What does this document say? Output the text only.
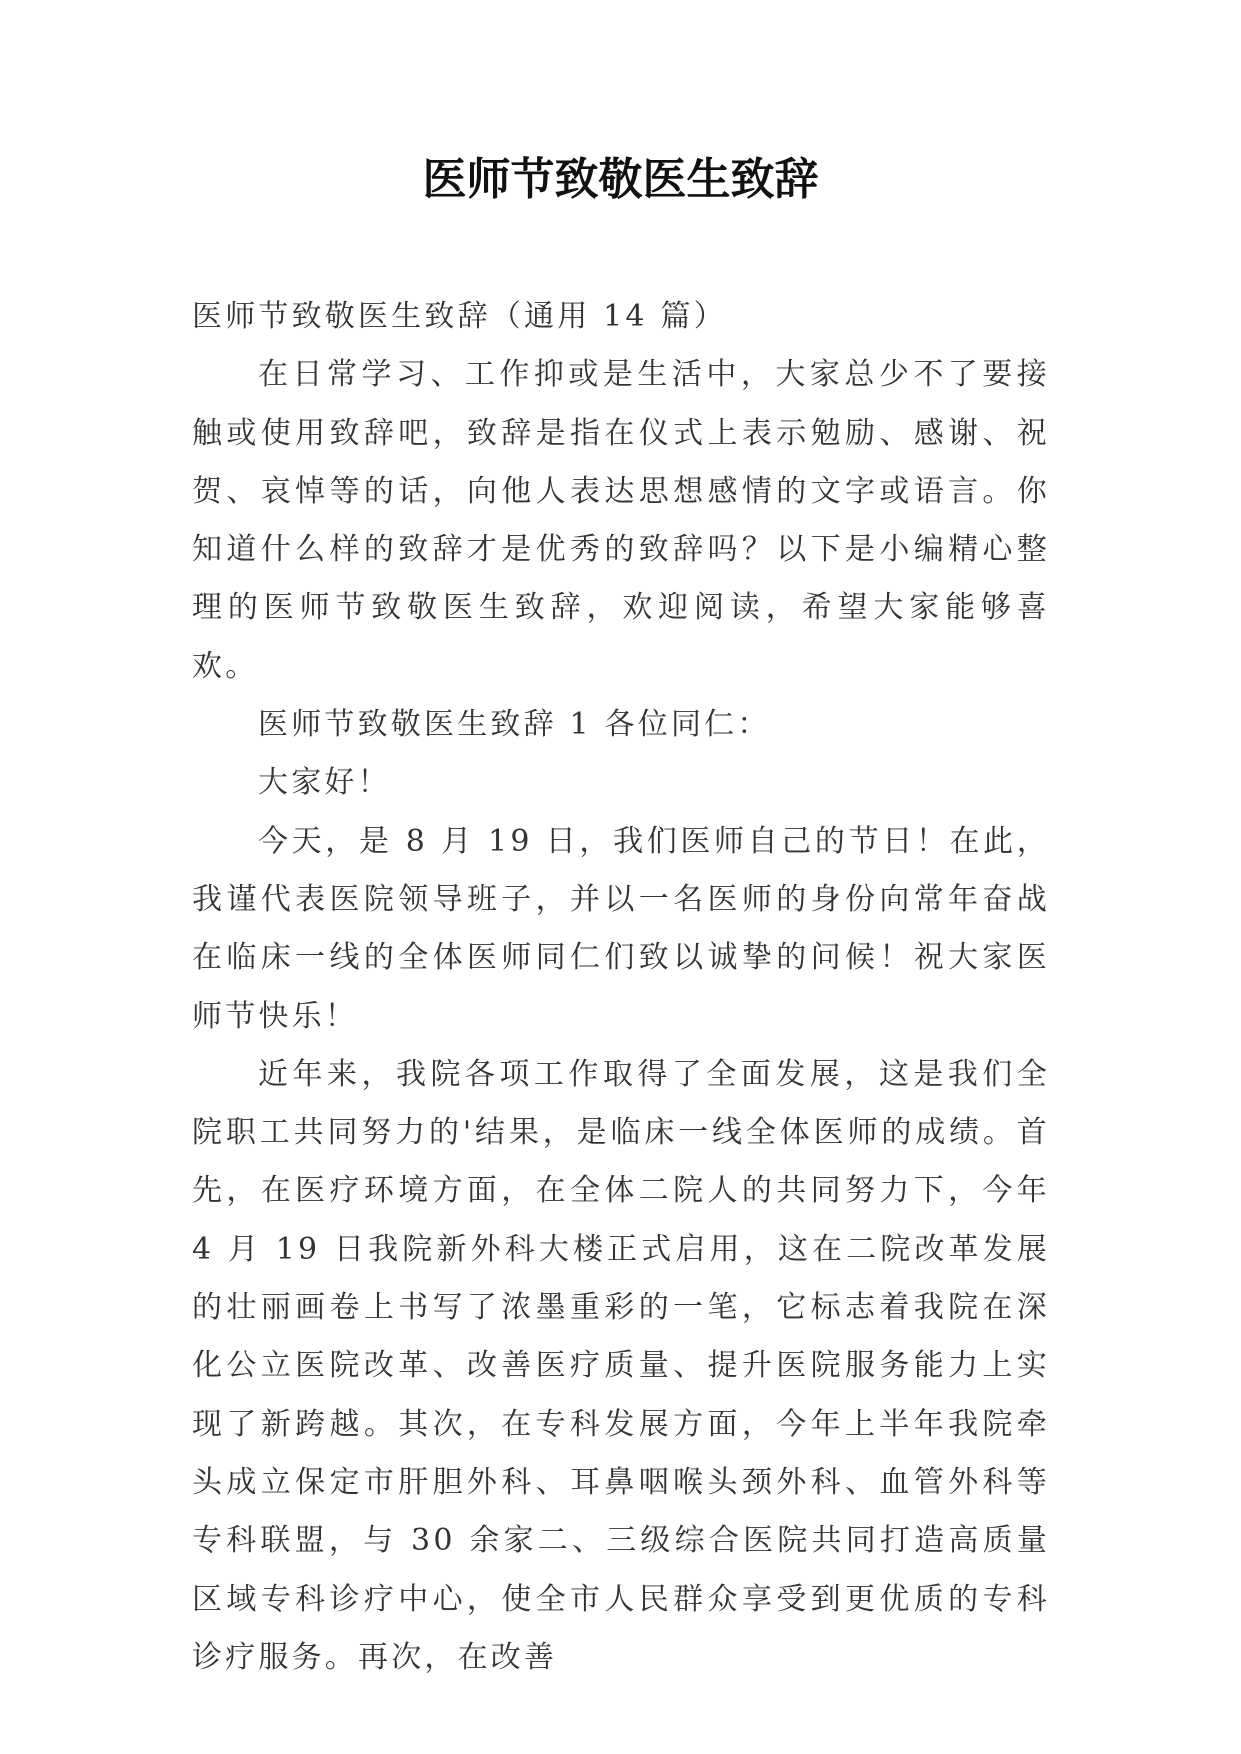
医师节致敬医生致辞

医师节致敬医生致辞（通用 14 篇）

在日常学习、工作抑或是生活中，大家总少不了要接触或使用致辞吧，致辞是指在仪式上表示勉励、感谢、祝贺、哀悼等的话，向他人表达思想感情的文字或语言。你知道什么样的致辞才是优秀的致辞吗？以下是小编精心整理的医师节致敬医生致辞，欢迎阅读，希望大家能够喜欢。

医师节致敬医生致辞 1 各位同仁：

大家好！

今天，是 8 月 19 日，我们医师自己的节日！在此，我谨代表医院领导班子，并以一名医师的身份向常年奋战在临床一线的全体医师同仁们致以诚挚的问候！祝大家医师节快乐！

近年来，我院各项工作取得了全面发展，这是我们全院职工共同努力的'结果，是临床一线全体医师的成绩。首先，在医疗环境方面，在全体二院人的共同努力下，今年 4 月 19 日我院新外科大楼正式启用，这在二院改革发展的壮丽画卷上书写了浓墨重彩的一笔，它标志着我院在深化公立医院改革、改善医疗质量、提升医院服务能力上实现了新跨越。其次，在专科发展方面，今年上半年我院牵头成立保定市肝胆外科、耳鼻咽喉头颈外科、血管外科等专科联盟，与 30 余家二、三级综合医院共同打造高质量区域专科诊疗中心，使全市人民群众享受到更优质的专科诊疗服务。再次，在改善
